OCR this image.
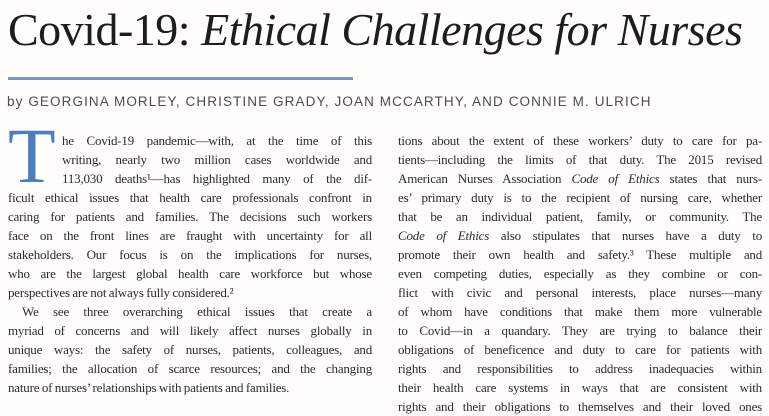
Covid-19: Ethical Challenges for Nurses
by GEORGINA MORLEY, CHRISTINE GRADY, JOAN MCCARTHY, AND CONNIE M. ULRICH
T he Covid-19 pandemic—with, at the time of this
writing, nearly two million cases worldwide and
113,030 deaths¹—has highlighted many of the dif-
ficult ethical issues that health care professionals confront in
caring for patients and families. The decisions such workers
face on the front lines are fraught with uncertainty for all
stakeholders. Our focus is on the implications for nurses,
who are the largest global health care workforce but whose
perspectives are not always fully considered.²
We see three overarching ethical issues that create a
myriad of concerns and will likely affect nurses globally in
unique ways: the safety of nurses, patients, colleagues, and
families; the allocation of scarce resources; and the changing
nature of nurses’ relationships with patients and families.
tions about the extent of these workers’ duty to care for pa-
tients—including the limits of that duty. The 2015 revised
American Nurses Association Code of Ethics states that nurs-
es’ primary duty is to the recipient of nursing care, whether
that be an individual patient, family, or community. The
Code of Ethics also stipulates that nurses have a duty to
promote their own health and safety.³ These multiple and
even competing duties, especially as they combine or con-
flict with civic and personal interests, place nurses—many
of whom have conditions that make them more vulnerable
to Covid—in a quandary. They are trying to balance their
obligations of beneficence and duty to care for patients with
rights and responsibilities to address inadequacies within
their health care systems in ways that are consistent with
rights and their obligations to themselves and their loved ones
